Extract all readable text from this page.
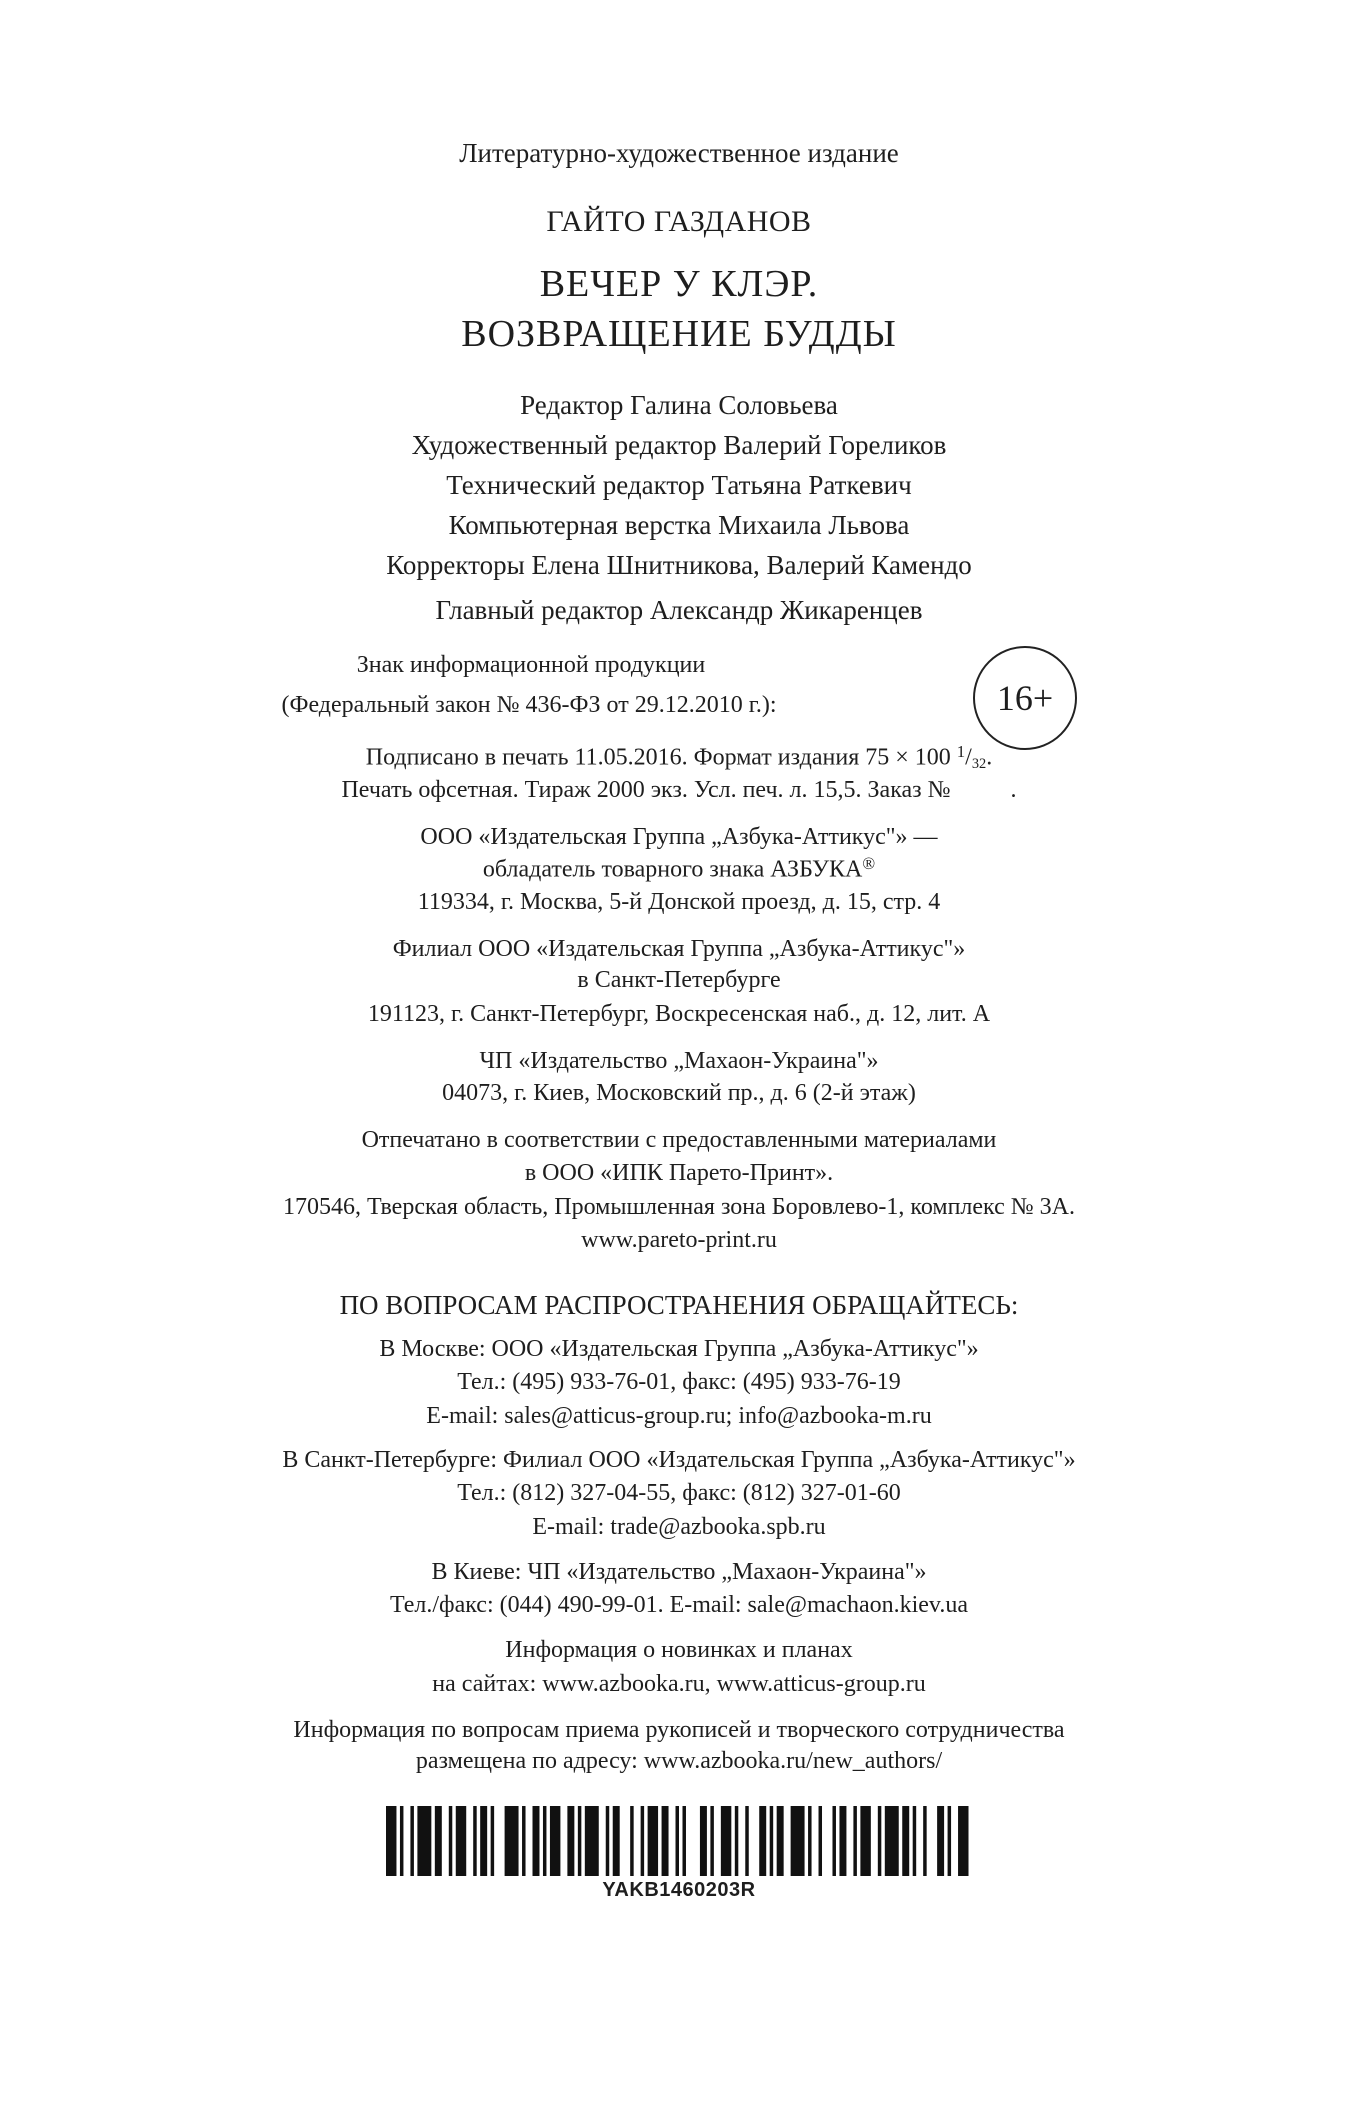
Литературно-художественное издание
ГАЙТО ГАЗДАНОВ
ВЕЧЕР У КЛЭР.
ВОЗВРАЩЕНИЕ БУДДЫ
Редактор Галина Соловьева
Художественный редактор Валерий Гореликов
Технический редактор Татьяна Раткевич
Компьютерная верстка Михаила Львова
Корректоры Елена Шнитникова, Валерий Камендо
Главный редактор Александр Жикаренцев
Знак информационной продукции
(Федеральный закон № 436-ФЗ от 29.12.2010 г.):	16+
Подписано в печать 11.05.2016. Формат издания 75 × 100 $^1/_{32}$.
Печать офсетная. Тираж 2000 экз. Усл. печ. л. 15,5. Заказ №	.
ООО «Издательская Группа „Азбука-Аттикус"» —
обладатель товарного знака АЗБУКА®
119334, г. Москва, 5-й Донской проезд, д. 15, стр. 4
Филиал ООО «Издательская Группа „Азбука-Аттикус"»
в Санкт-Петербурге
191123, г. Санкт-Петербург, Воскресенская наб., д. 12, лит. А
ЧП «Издательство „Махаон-Украина"»
04073, г. Киев, Московский пр., д. 6 (2-й этаж)
Отпечатано в соответствии с предоставленными материалами
в ООО «ИПК Парето-Принт».
170546, Тверская область, Промышленная зона Боровлево-1, комплекс № 3А.
www.pareto-print.ru
ПО ВОПРОСАМ РАСПРОСТРАНЕНИЯ ОБРАЩАЙТЕСЬ:
В Москве: ООО «Издательская Группа „Азбука-Аттикус"»
Тел.: (495) 933-76-01, факс: (495) 933-76-19
E-mail: sales@atticus-group.ru; info@azbooka-m.ru
В Санкт-Петербурге: Филиал ООО «Издательская Группа „Азбука-Аттикус"»
Тел.: (812) 327-04-55, факс: (812) 327-01-60
E-mail: trade@azbooka.spb.ru
В Киеве: ЧП «Издательство „Махаон-Украина"»
Тел./факс: (044) 490-99-01. E-mail: sale@machaon.kiev.ua
Информация о новинках и планах
на сайтах: www.azbooka.ru, www.atticus-group.ru
Информация по вопросам приема рукописей и творческого сотрудничества
размещена по адресу: www.azbooka.ru/new_authors/
YAKB1460203R
